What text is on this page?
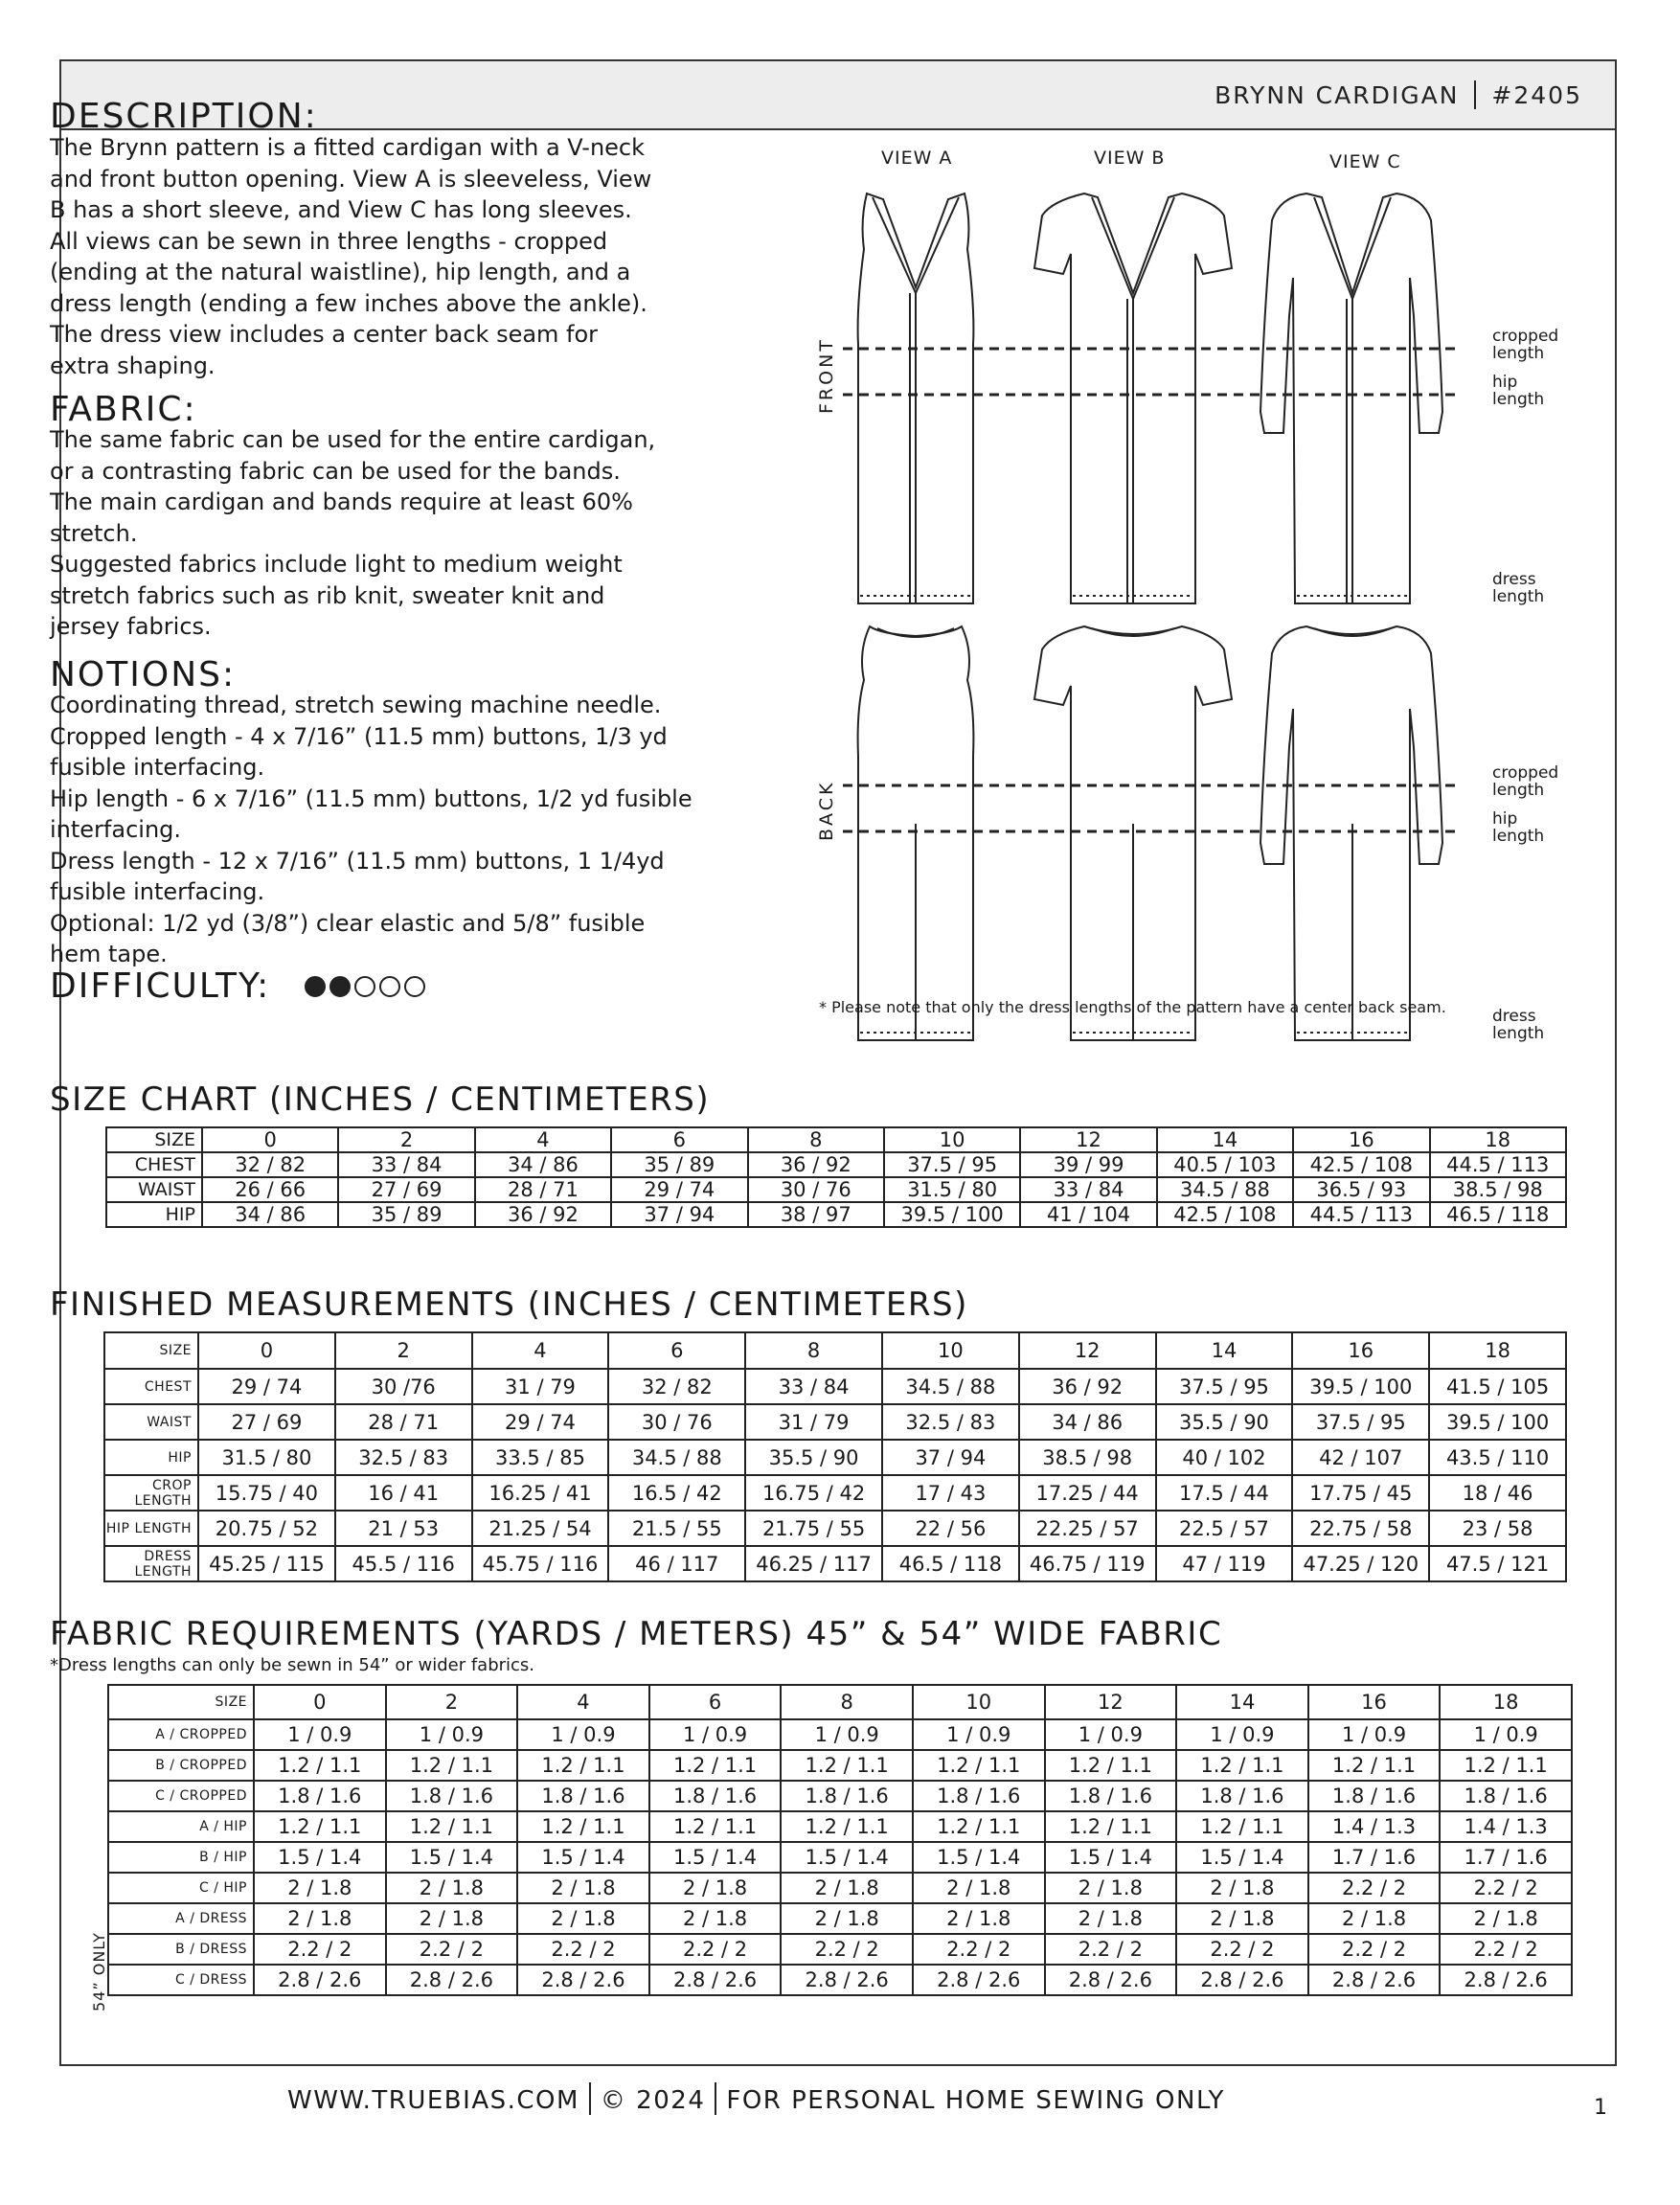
BRYNN CARDIGAN #2405
DESCRIPTION:
The Brynn pattern is a fitted cardigan with a V-neck
and front button opening. View A is sleeveless, View
B has a short sleeve, and View C has long sleeves.
All views can be sewn in three lengths - cropped
(ending at the natural waistline), hip length, and a
dress length (ending a few inches above the ankle).
The dress view includes a center back seam for
extra shaping.
FABRIC:
The same fabric can be used for the entire cardigan,
or a contrasting fabric can be used for the bands.
The main cardigan and bands require at least 60%
stretch.
Suggested fabrics include light to medium weight
stretch fabrics such as rib knit, sweater knit and
jersey fabrics.
NOTIONS:
Coordinating thread, stretch sewing machine needle.
Cropped length - 4 x 7/16” (11.5 mm) buttons, 1/3 yd
fusible interfacing.
Hip length - 6 x 7/16” (11.5 mm) buttons, 1/2 yd fusible
interfacing.
Dress length - 12 x 7/16” (11.5 mm) buttons, 1 1/4yd
fusible interfacing.
Optional: 1/2 yd (3/8”) clear elastic and 5/8” fusible
hem tape.
DIFFICULTY:
VIEW A	VIEW B	VIEW C
FRONT
BACK
cropped
length
hip
length
dress
length
cropped
length
hip
length
dress
length
* Please note that only the dress lengths of the pattern have a center back seam.
SIZE CHART (INCHES / CENTIMETERS)
SIZE	0	2	4	6	8	10	12	14	16	18
CHEST	32 / 82	33 / 84	34 / 86	35 / 89	36 / 92	37.5 / 95	39 / 99	40.5 / 103	42.5 / 108	44.5 / 113
WAIST	26 / 66	27 / 69	28 / 71	29 / 74	30 / 76	31.5 / 80	33 / 84	34.5 / 88	36.5 / 93	38.5 / 98
HIP	34 / 86	35 / 89	36 / 92	37 / 94	38 / 97	39.5 / 100	41 / 104	42.5 / 108	44.5 / 113	46.5 / 118
FINISHED MEASUREMENTS (INCHES / CENTIMETERS)
SIZE	0	2	4	6	8	10	12	14	16	18
CHEST	29 / 74	30 /76	31 / 79	32 / 82	33 / 84	34.5 / 88	36 / 92	37.5 / 95	39.5 / 100	41.5 / 105
WAIST	27 / 69	28 / 71	29 / 74	30 / 76	31 / 79	32.5 / 83	34 / 86	35.5 / 90	37.5 / 95	39.5 / 100
HIP	31.5 / 80	32.5 / 83	33.5 / 85	34.5 / 88	35.5 / 90	37 / 94	38.5 / 98	40 / 102	42 / 107	43.5 / 110
CROP LENGTH	15.75 / 40	16 / 41	16.25 / 41	16.5 / 42	16.75 / 42	17 / 43	17.25 / 44	17.5 / 44	17.75 / 45	18 / 46
HIP LENGTH	20.75 / 52	21 / 53	21.25 / 54	21.5 / 55	21.75 / 55	22 / 56	22.25 / 57	22.5 / 57	22.75 / 58	23 / 58
DRESS LENGTH	45.25 / 115	45.5 / 116	45.75 / 116	46 / 117	46.25 / 117	46.5 / 118	46.75 / 119	47 / 119	47.25 / 120	47.5 / 121
FABRIC REQUIREMENTS (YARDS / METERS) 45” & 54” WIDE FABRIC
*Dress lengths can only be sewn in 54” or wider fabrics.
SIZE	0	2	4	6	8	10	12	14	16	18
A / CROPPED	1 / 0.9	1 / 0.9	1 / 0.9	1 / 0.9	1 / 0.9	1 / 0.9	1 / 0.9	1 / 0.9	1 / 0.9	1 / 0.9
B / CROPPED	1.2 / 1.1	1.2 / 1.1	1.2 / 1.1	1.2 / 1.1	1.2 / 1.1	1.2 / 1.1	1.2 / 1.1	1.2 / 1.1	1.2 / 1.1	1.2 / 1.1
C / CROPPED	1.8 / 1.6	1.8 / 1.6	1.8 / 1.6	1.8 / 1.6	1.8 / 1.6	1.8 / 1.6	1.8 / 1.6	1.8 / 1.6	1.8 / 1.6	1.8 / 1.6
A / HIP	1.2 / 1.1	1.2 / 1.1	1.2 / 1.1	1.2 / 1.1	1.2 / 1.1	1.2 / 1.1	1.2 / 1.1	1.2 / 1.1	1.4 / 1.3	1.4 / 1.3
B / HIP	1.5 / 1.4	1.5 / 1.4	1.5 / 1.4	1.5 / 1.4	1.5 / 1.4	1.5 / 1.4	1.5 / 1.4	1.5 / 1.4	1.7 / 1.6	1.7 / 1.6
C / HIP	2 / 1.8	2 / 1.8	2 / 1.8	2 / 1.8	2 / 1.8	2 / 1.8	2 / 1.8	2 / 1.8	2.2 / 2	2.2 / 2
A / DRESS	2 / 1.8	2 / 1.8	2 / 1.8	2 / 1.8	2 / 1.8	2 / 1.8	2 / 1.8	2 / 1.8	2 / 1.8	2 / 1.8
B / DRESS	2.2 / 2	2.2 / 2	2.2 / 2	2.2 / 2	2.2 / 2	2.2 / 2	2.2 / 2	2.2 / 2	2.2 / 2	2.2 / 2
C / DRESS	2.8 / 2.6	2.8 / 2.6	2.8 / 2.6	2.8 / 2.6	2.8 / 2.6	2.8 / 2.6	2.8 / 2.6	2.8 / 2.6	2.8 / 2.6	2.8 / 2.6
54” ONLY
WWW.TRUEBIAS.COM © 2024 FOR PERSONAL HOME SEWING ONLY	1
